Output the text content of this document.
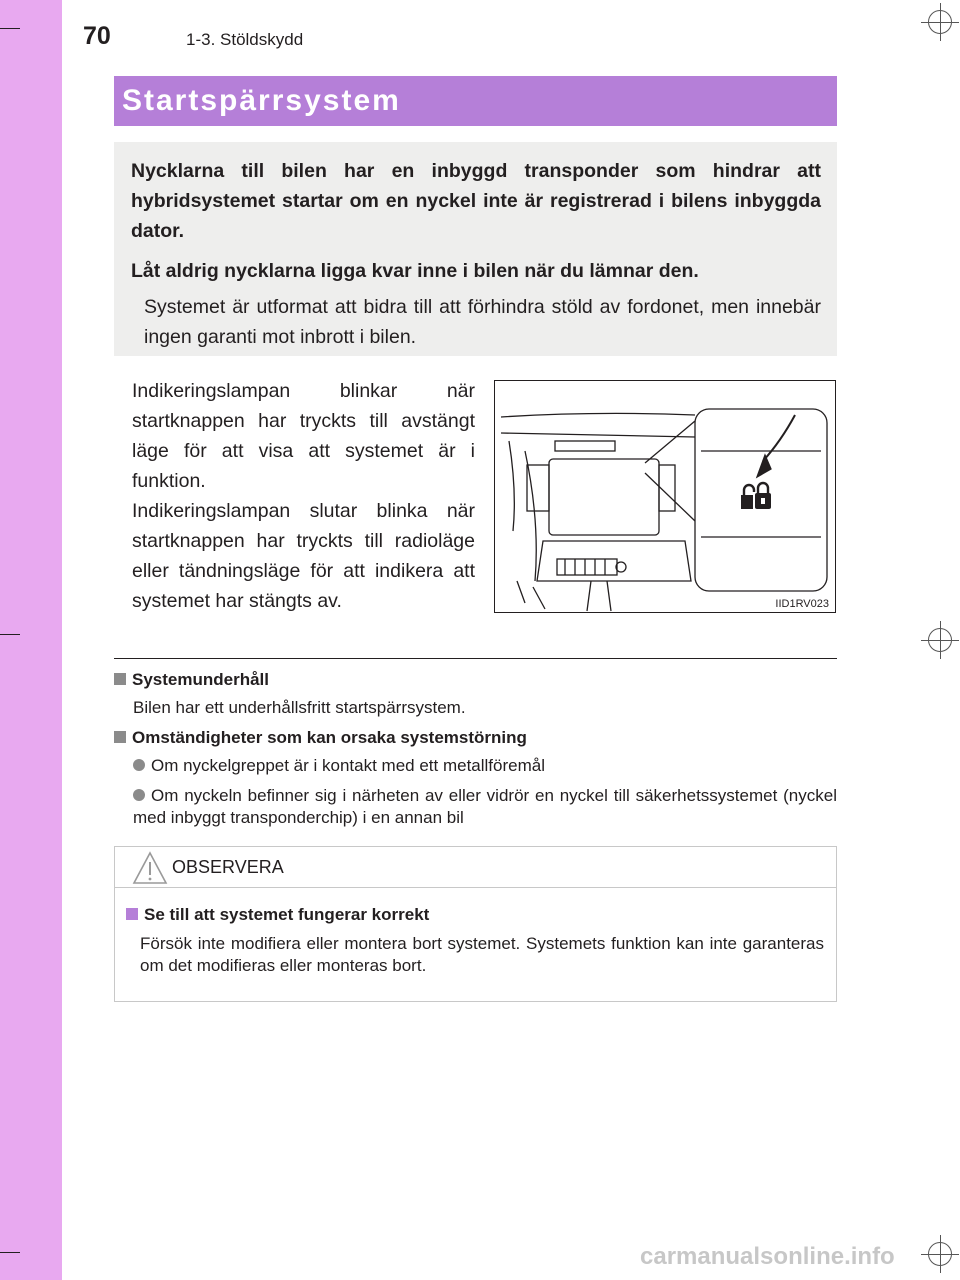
70	1-3. Stöldskydd
Startspärrsystem

Nycklarna till bilen har en inbyggd transponder som hindrar att hybridsystemet startar om en nyckel inte är registrerad i bilens inbyggda dator.

Låt aldrig nycklarna ligga kvar inne i bilen när du lämnar den.

Systemet är utformat att bidra till att förhindra stöld av fordonet, men innebär ingen garanti mot inbrott i bilen.

Indikeringslampan blinkar när startknappen har tryckts till avstängt läge för att visa att systemet är i funktion.

Indikeringslampan slutar blinka när startknappen har tryckts till radioläge eller tändningsläge för att indikera att systemet har stängts av.	IID1RV023
Systemunderhåll
Bilen har ett underhållsfritt startspärrsystem.
Omständigheter som kan orsaka systemstörning
Om nyckelgreppet är i kontakt med ett metallföremål
Om nyckeln befinner sig i närheten av eller vidrör en nyckel till säkerhetssystemet (nyckel med inbyggt transponderchip) i en annan bil
OBSERVERA
Se till att systemet fungerar korrekt
Försök inte modifiera eller montera bort systemet. Systemets funktion kan inte garanteras om det modifieras eller monteras bort.
carmanualsonline.info
